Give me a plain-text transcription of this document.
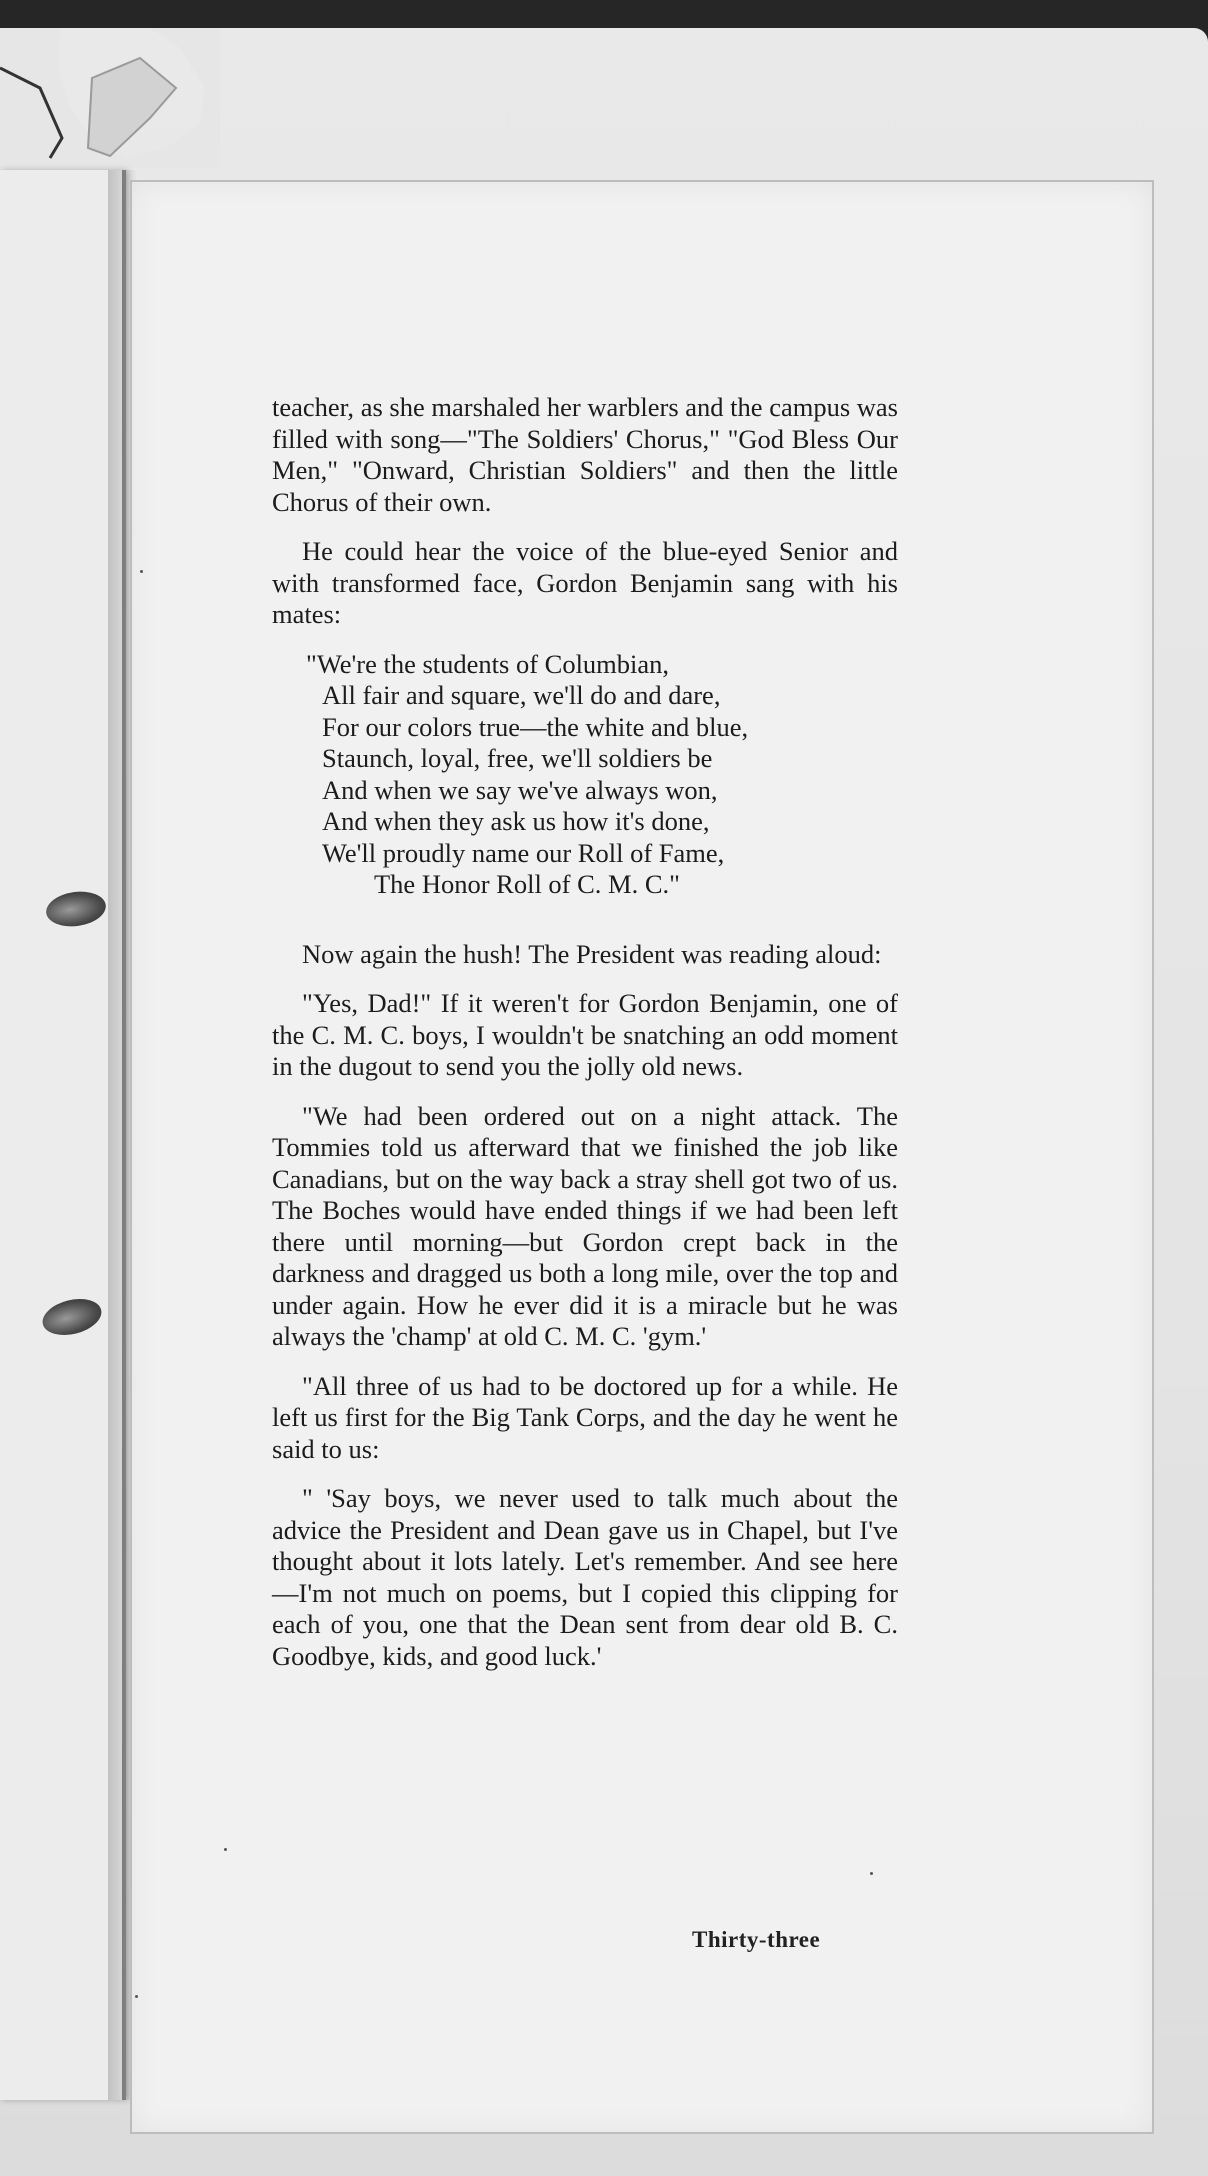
teacher, as she marshaled her warblers and the campus was filled with song—"The Soldiers' Chorus," "God Bless Our Men," "Onward, Christian Soldiers" and then the little Chorus of their own.

He could hear the voice of the blue-eyed Senior and with transformed face, Gordon Benjamin sang with his mates:

"We're the students of Columbian,
All fair and square, we'll do and dare,
For our colors true—the white and blue,
Staunch, loyal, free, we'll soldiers be
And when we say we've always won,
And when they ask us how it's done,
We'll proudly name our Roll of Fame,
The Honor Roll of C. M. C."

Now again the hush! The President was reading aloud:

"Yes, Dad!" If it weren't for Gordon Benjamin, one of the C. M. C. boys, I wouldn't be snatching an odd moment in the dugout to send you the jolly old news.

"We had been ordered out on a night attack. The Tommies told us afterward that we finished the job like Canadians, but on the way back a stray shell got two of us. The Boches would have ended things if we had been left there until morning—but Gordon crept back in the darkness and dragged us both a long mile, over the top and under again. How he ever did it is a miracle but he was always the 'champ' at old C. M. C. 'gym.'

"All three of us had to be doctored up for a while. He left us first for the Big Tank Corps, and the day he went he said to us:

" 'Say boys, we never used to talk much about the advice the President and Dean gave us in Chapel, but I've thought about it lots lately. Let's remember. And see here—I'm not much on poems, but I copied this clipping for each of you, one that the Dean sent from dear old B. C. Goodbye, kids, and good luck.'

Thirty-three
